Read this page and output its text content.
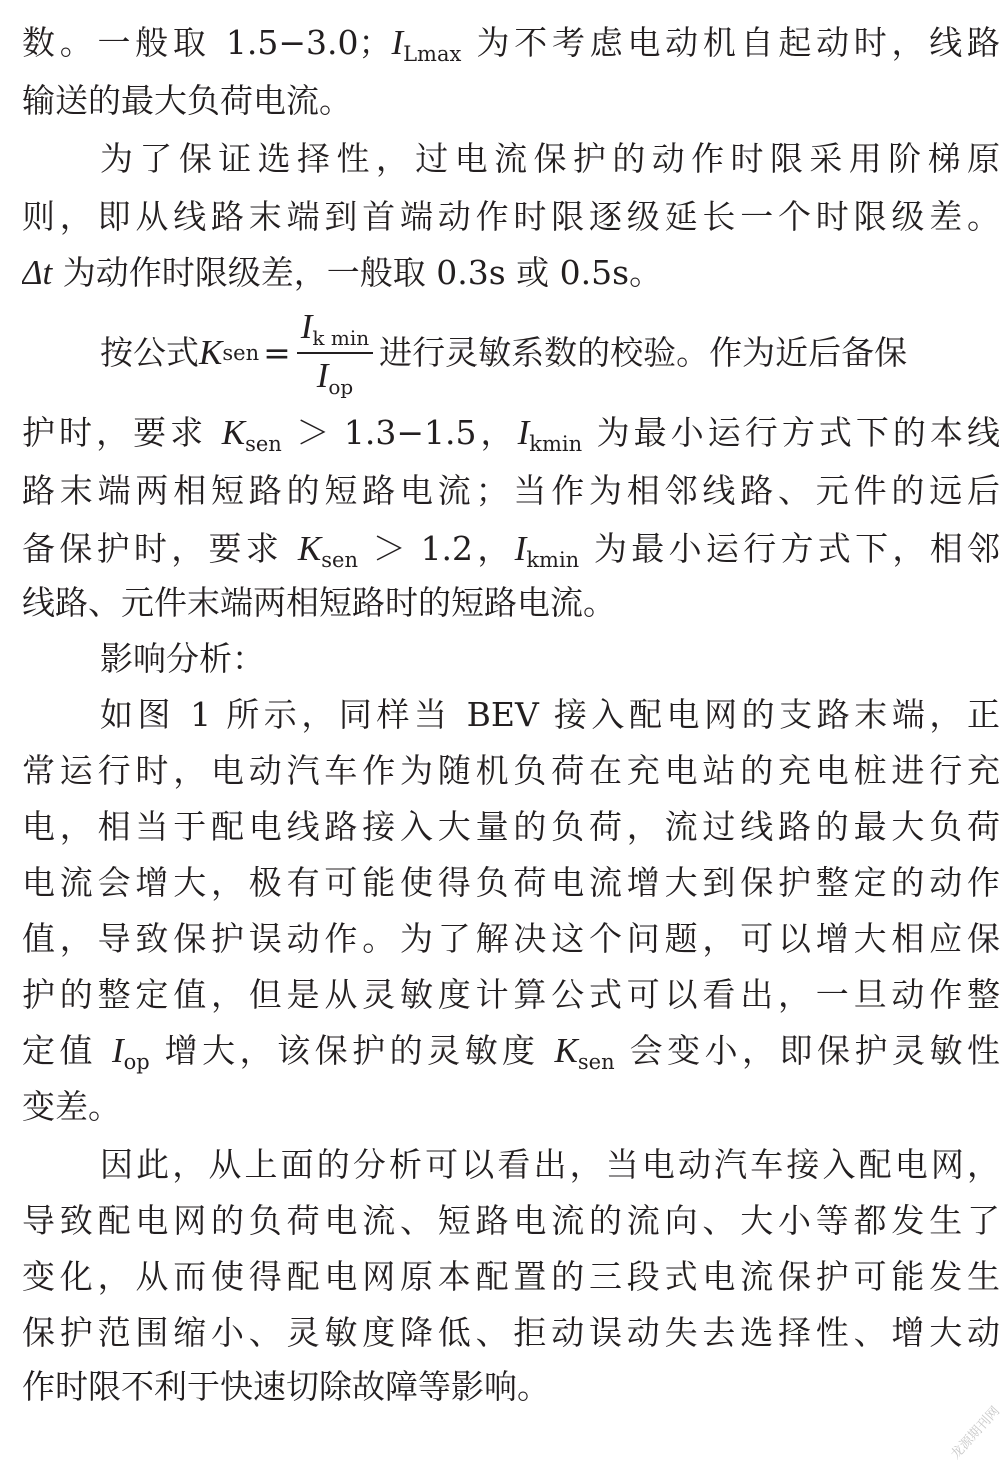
数。一般取 1.5−3.0；$I_{Lmax}$ 为不考虑电动机自起动时，线路
输送的最大负荷电流。
为了保证选择性，过电流保护的动作时限采用阶梯原
则，即从线路末端到首端动作时限逐级延长一个时限级差。
Δt 为动作时限级差，一般取 0.3s 或 0.5s。
按公式Ksen = $\frac{I_{k min}}{I_{op}}$ 进行灵敏系数的校验。作为近后备保
护时，要求 $K_{sen} > 1.3-1.5$，$I_{kmin}$ 为最小运行方式下的本线
路末端两相短路的短路电流；当作为相邻线路、元件的远后
备保护时，要求 $K_{sen} > 1.2$，$I_{kmin}$ 为最小运行方式下，相邻
线路、元件末端两相短路时的短路电流。
影响分析：
如图 1 所示，同样当 BEV 接入配电网的支路末端，正
常运行时，电动汽车作为随机负荷在充电站的充电桩进行充
电，相当于配电线路接入大量的负荷，流过线路的最大负荷
电流会增大，极有可能使得负荷电流增大到保护整定的动作
值，导致保护误动作。为了解决这个问题，可以增大相应保
护的整定值，但是从灵敏度计算公式可以看出，一旦动作整
定值 $I_{op}$ 增大，该保护的灵敏度 $K_{sen}$ 会变小，即保护灵敏性
变差。
因此，从上面的分析可以看出，当电动汽车接入配电网，
导致配电网的负荷电流、短路电流的流向、大小等都发生了
变化，从而使得配电网原本配置的三段式电流保护可能发生
保护范围缩小、灵敏度降低、拒动误动失去选择性、增大动
作时限不利于快速切除故障等影响。
龙源期刊网
